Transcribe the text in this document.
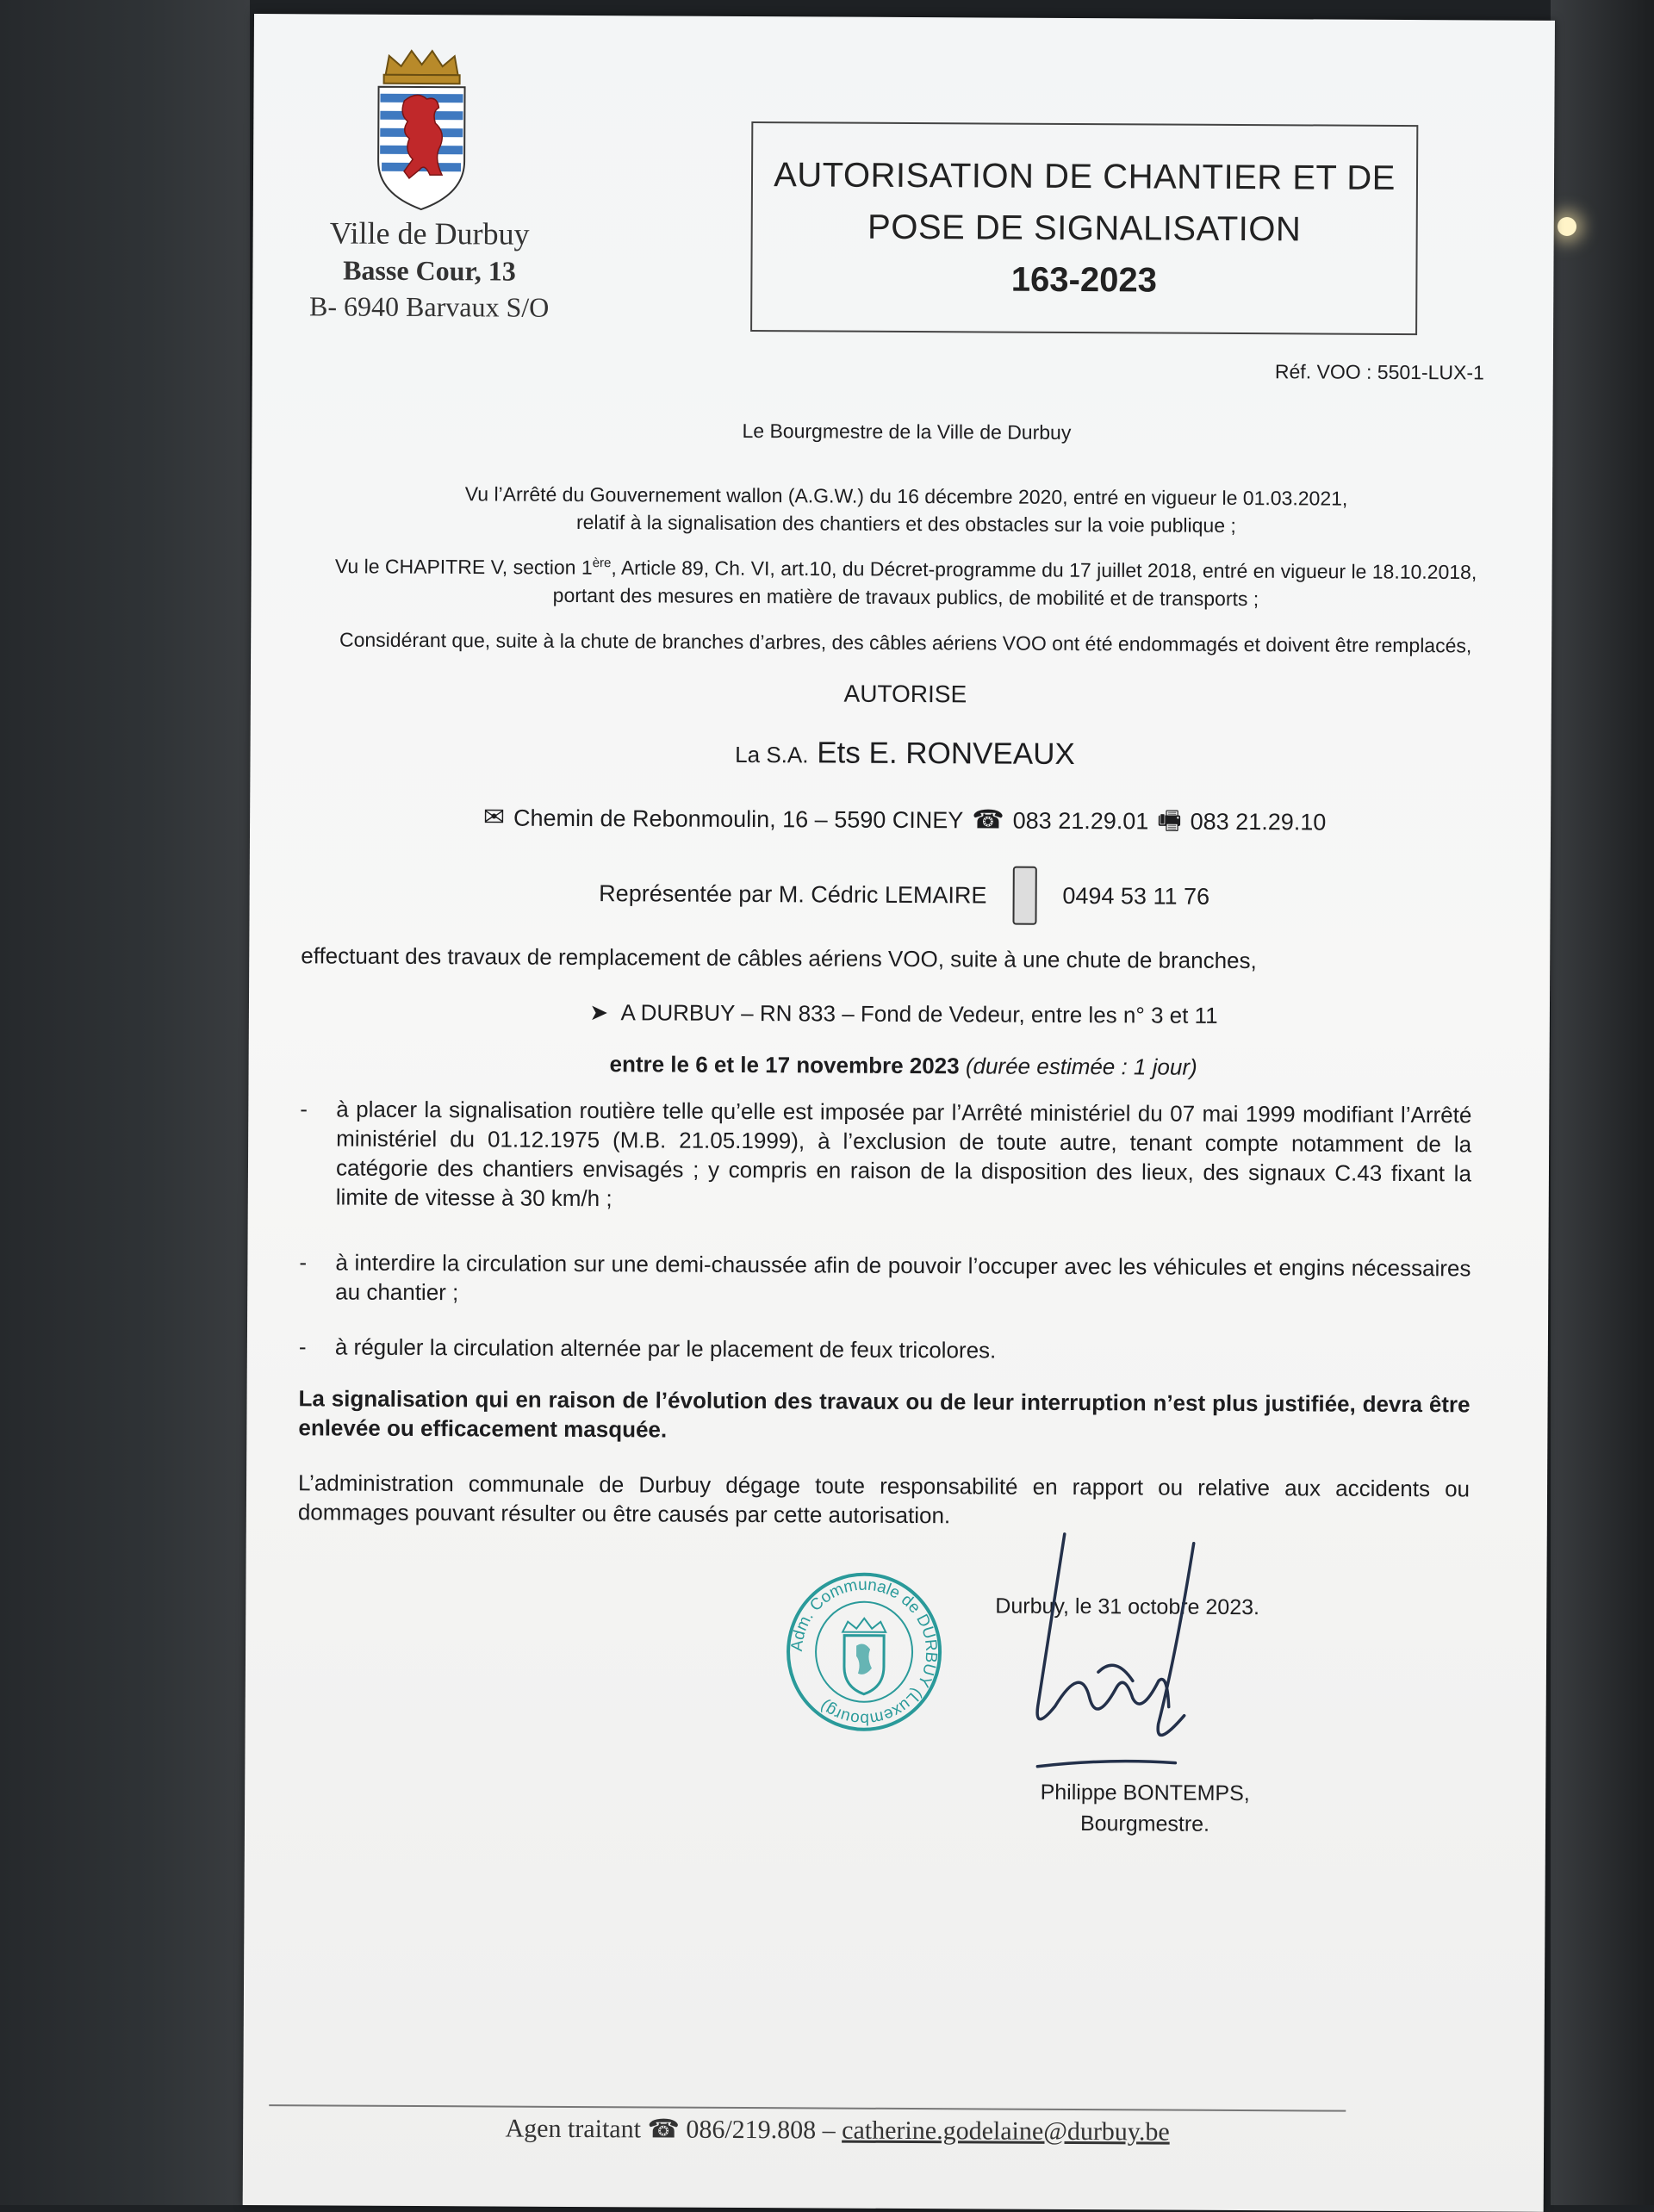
Ville de Durbuy
Basse Cour, 13
B- 6940 Barvaux S/O
AUTORISATION DE CHANTIER ET DE
POSE DE SIGNALISATION
163-2023
Réf. VOO : 5501-LUX-1
Le Bourgmestre de la Ville de Durbuy
Vu l’Arrêté du Gouvernement wallon (A.G.W.) du 16 décembre 2020, entré en vigueur le 01.03.2021,
relatif à la signalisation des chantiers et des obstacles sur la voie publique ;
Vu le CHAPITRE V, section 1ère, Article 89, Ch. VI, art.10, du Décret-programme du 17 juillet 2018, entré en vigueur le 18.10.2018,
portant des mesures en matière de travaux publics, de mobilité et de transports ;
Considérant que, suite à la chute de branches d’arbres, des câbles aériens VOO ont été endommagés et doivent être remplacés,
AUTORISE
La S.A. Ets E. RONVEAUX
✉ Chemin de Rebonmoulin, 16 – 5590 CINEY ☎ 083 21.29.01 🖷 083 21.29.10
Représentée par M. Cédric LEMAIRE	0494 53 11 76
effectuant des travaux de remplacement de câbles aériens VOO, suite à une chute de branches,
➤  A DURBUY – RN 833 – Fond de Vedeur, entre les n° 3 et 11
entre le 6 et le 17 novembre 2023 (durée estimée : 1 jour)
- à placer la signalisation routière telle qu’elle est imposée par l’Arrêté ministériel du 07 mai 1999 modifiant l’Arrêté ministériel du 01.12.1975 (M.B. 21.05.1999), à l’exclusion de toute autre, tenant compte notamment de la catégorie des chantiers envisagés ; y compris en raison de la disposition des lieux, des signaux C.43 fixant la limite de vitesse à 30 km/h ;
- à interdire la circulation sur une demi-chaussée afin de pouvoir l’occuper avec les véhicules et engins nécessaires au chantier ;
- à réguler la circulation alternée par le placement de feux tricolores.
La signalisation qui en raison de l’évolution des travaux ou de leur interruption n’est plus justifiée, devra être enlevée ou efficacement masquée.
L’administration communale de Durbuy dégage toute responsabilité en rapport ou relative aux accidents ou dommages pouvant résulter ou être causés par cette autorisation.
Adm. Communale de DURBUY (Luxembourg)
Durbuy, le 31 octobre 2023.
Philippe BONTEMPS,
Bourgmestre.
Agen traitant ☎ 086/219.808 – catherine.godelaine@durbuy.be
